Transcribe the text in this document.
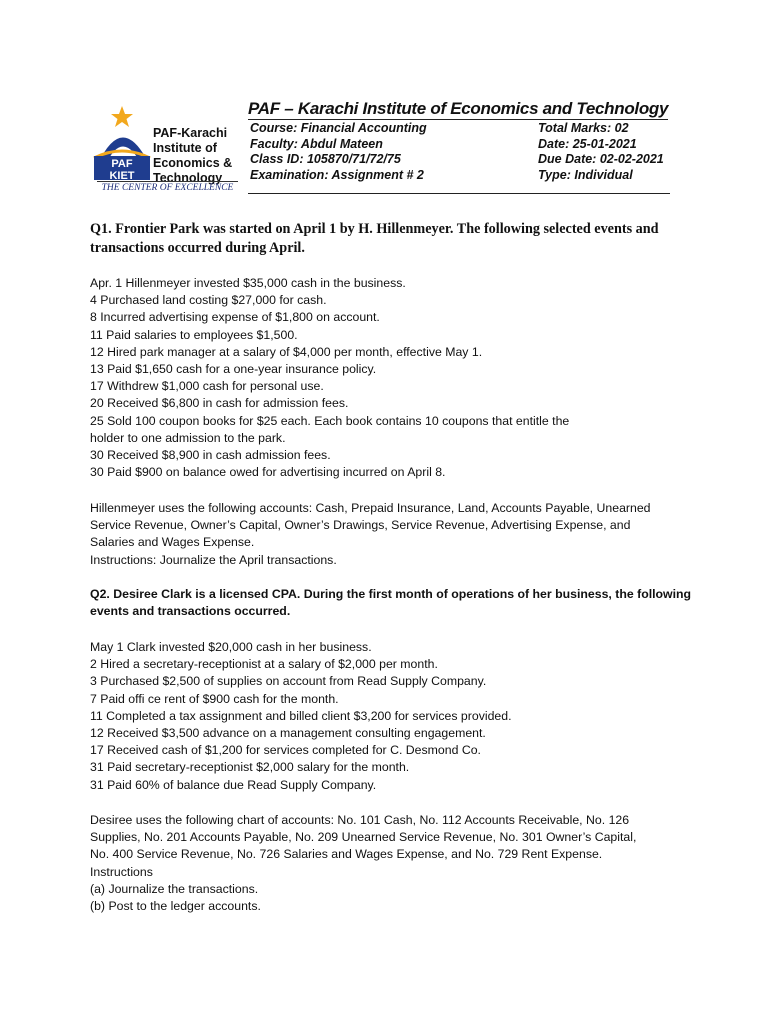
PAF
KIET
PAF-Karachi
Institute of
Economics &
Technology
THE CENTER OF EXCELLENCE
PAF – Karachi Institute of Economics and Technology
Course: Financial Accounting
Faculty: Abdul Mateen
Class ID: 105870/71/72/75
Examination: Assignment # 2
Total Marks: 02
Date: 25-01-2021
Due Date: 02-02-2021
Type: Individual
Q1. Frontier Park was started on April 1 by H. Hillenmeyer. The following selected events and transactions occurred during April.
Apr. 1 Hillenmeyer invested $35,000 cash in the business.
4 Purchased land costing $27,000 for cash.
8 Incurred advertising expense of $1,800 on account.
11 Paid salaries to employees $1,500.
12 Hired park manager at a salary of $4,000 per month, effective May 1.
13 Paid $1,650 cash for a one-year insurance policy.
17 Withdrew $1,000 cash for personal use.
20 Received $6,800 in cash for admission fees.
25 Sold 100 coupon books for $25 each. Each book contains 10 coupons that entitle the
holder to one admission to the park.
30 Received $8,900 in cash admission fees.
30 Paid $900 on balance owed for advertising incurred on April 8.
Hillenmeyer uses the following accounts: Cash, Prepaid Insurance, Land, Accounts Payable, Unearned
Service Revenue, Owner’s Capital, Owner’s Drawings, Service Revenue, Advertising Expense, and
Salaries and Wages Expense.
Instructions: Journalize the April transactions.
Q2. Desiree Clark is a licensed CPA. During the first month of operations of her business, the following
events and transactions occurred.
May 1 Clark invested $20,000 cash in her business.
2 Hired a secretary-receptionist at a salary of $2,000 per month.
3 Purchased $2,500 of supplies on account from Read Supply Company.
7 Paid offi ce rent of $900 cash for the month.
11 Completed a tax assignment and billed client $3,200 for services provided.
12 Received $3,500 advance on a management consulting engagement.
17 Received cash of $1,200 for services completed for C. Desmond Co.
31 Paid secretary-receptionist $2,000 salary for the month.
31 Paid 60% of balance due Read Supply Company.
Desiree uses the following chart of accounts: No. 101 Cash, No. 112 Accounts Receivable, No. 126
Supplies, No. 201 Accounts Payable, No. 209 Unearned Service Revenue, No. 301 Owner’s Capital,
No. 400 Service Revenue, No. 726 Salaries and Wages Expense, and No. 729 Rent Expense.
Instructions
(a) Journalize the transactions.
(b) Post to the ledger accounts.
